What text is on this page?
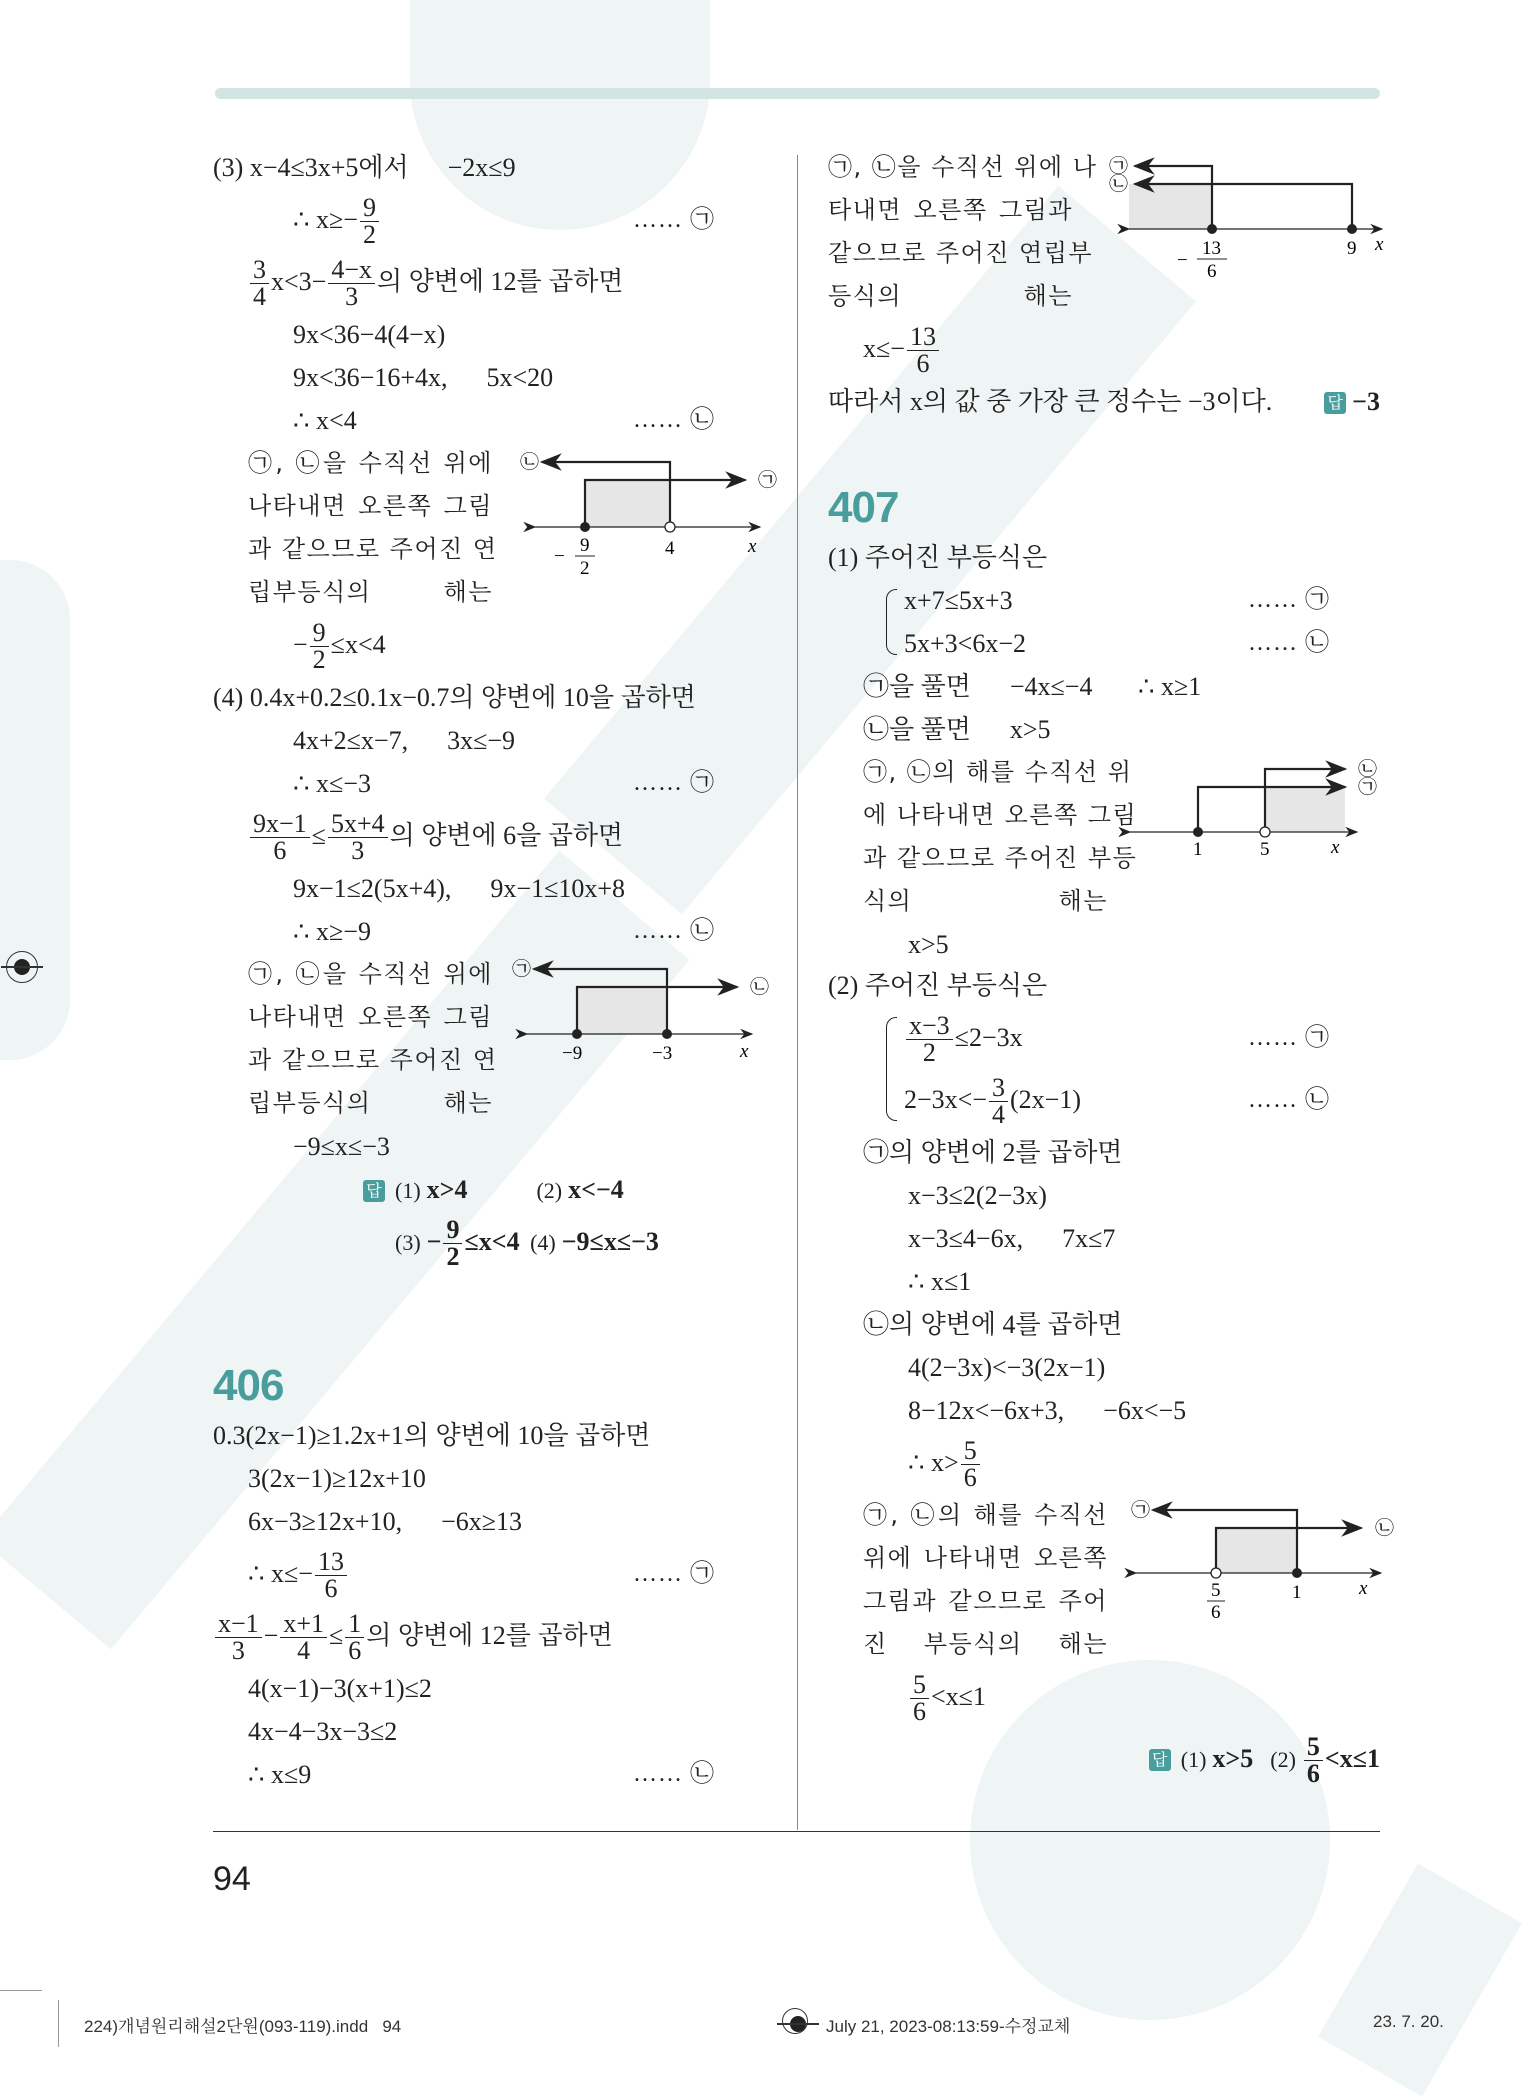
94
(3) x−4≤3x+5에서      −2x≤9
∴ $x\ge- \frac{9}{2}$	…… ㉠
$\frac{3}{4} x<3- \frac{4-x}{3}$ 의 양변에 12를 곱하면
9x<36−4(4−x)
9x<36−16+4x,      5x<20
∴ x<4	…… ㉡
㉠, ㉡을 수직선 위에
나타내면 오른쪽 그림
과 같으므로 주어진 연
립부등식의 해는
㉡
㉠
−
9
2
4	x
− $\frac{9}{2} \le x<4$
(4) 0.4x+0.2≤0.1x−0.7의 양변에 10을 곱하면
4x+2≤x−7,      3x≤−9
∴ x≤−3	…… ㉠
$\frac{9x-1}{6} \le \frac{5x+4}{3}$ 의 양변에 6을 곱하면
9x−1≤2(5x+4),      9x−1≤10x+8
∴ x≥−9	…… ㉡
㉠, ㉡을 수직선 위에
나타내면 오른쪽 그림
과 같으므로 주어진 연
립부등식의 해는
㉠
㉡
−9	−3	x
−9≤x≤−3
답 (1) x>4	(2) x<−4
$(3) - \frac{9}{2} \le x<4$ (4) −9≤x≤−3
406
0.3(2x−1)≥1.2x+1의 양변에 10을 곱하면
3(2x−1)≥12x+10
6x−3≥12x+10,      −6x≥13
∴ $x\le- \frac{13}{6}$	…… ㉠
$\frac{x-1}{3} - \frac{x+1}{4} \le \frac{1}{6}$ 의 양변에 12를 곱하면
4(x−1)−3(x+1)≤2
4x−4−3x−3≤2
∴ x≤9	…… ㉡
㉠, ㉡을 수직선 위에 나
타내면 오른쪽 그림과
같으므로 주어진 연립부
등식의 해는
㉠
㉡
−
13
6
9 x
$x\le- \frac{13}{6}$
따라서 x의 값 중 가장 큰 정수는 −3이다.	답 −3
407
(1) 주어진 부등식은
x+7≤5x+3	…… ㉠
5x+3<6x−2	…… ㉡
㉠을 풀면      −4x≤−4       ∴ x≥1
㉡을 풀면      x>5
㉠, ㉡의 해를 수직선 위
에 나타내면 오른쪽 그림
과 같으므로 주어진 부등
식의 해는
㉡
㉠
1	5	x
x>5
(2) 주어진 부등식은
$\frac{x-3}{2} \le 2-3x$	…… ㉠
$2-3x<- \frac{3}{4} (2x-1)$	…… ㉡
㉠의 양변에 2를 곱하면
x−3≤2(2−3x)
x−3≤4−6x,      7x≤7
∴ x≤1
㉡의 양변에 4를 곱하면
4(2−3x)<−3(2x−1)
8−12x<−6x+3,      −6x<−5
∴ $x> \frac{5}{6}$
㉠, ㉡의 해를 수직선
위에 나타내면 오른쪽
그림과 같으므로 주어
진 부등식의 해는
㉠
㉡
5
6
1	x
$\frac{5}{6} <x\le 1$
답 (1) x>5  $(2) \frac{5}{6} <x\le 1$
224)개념원리해설2단원(093-119).indd   94	July 21, 2023-08:13:59-수정교체	23. 7. 20.
